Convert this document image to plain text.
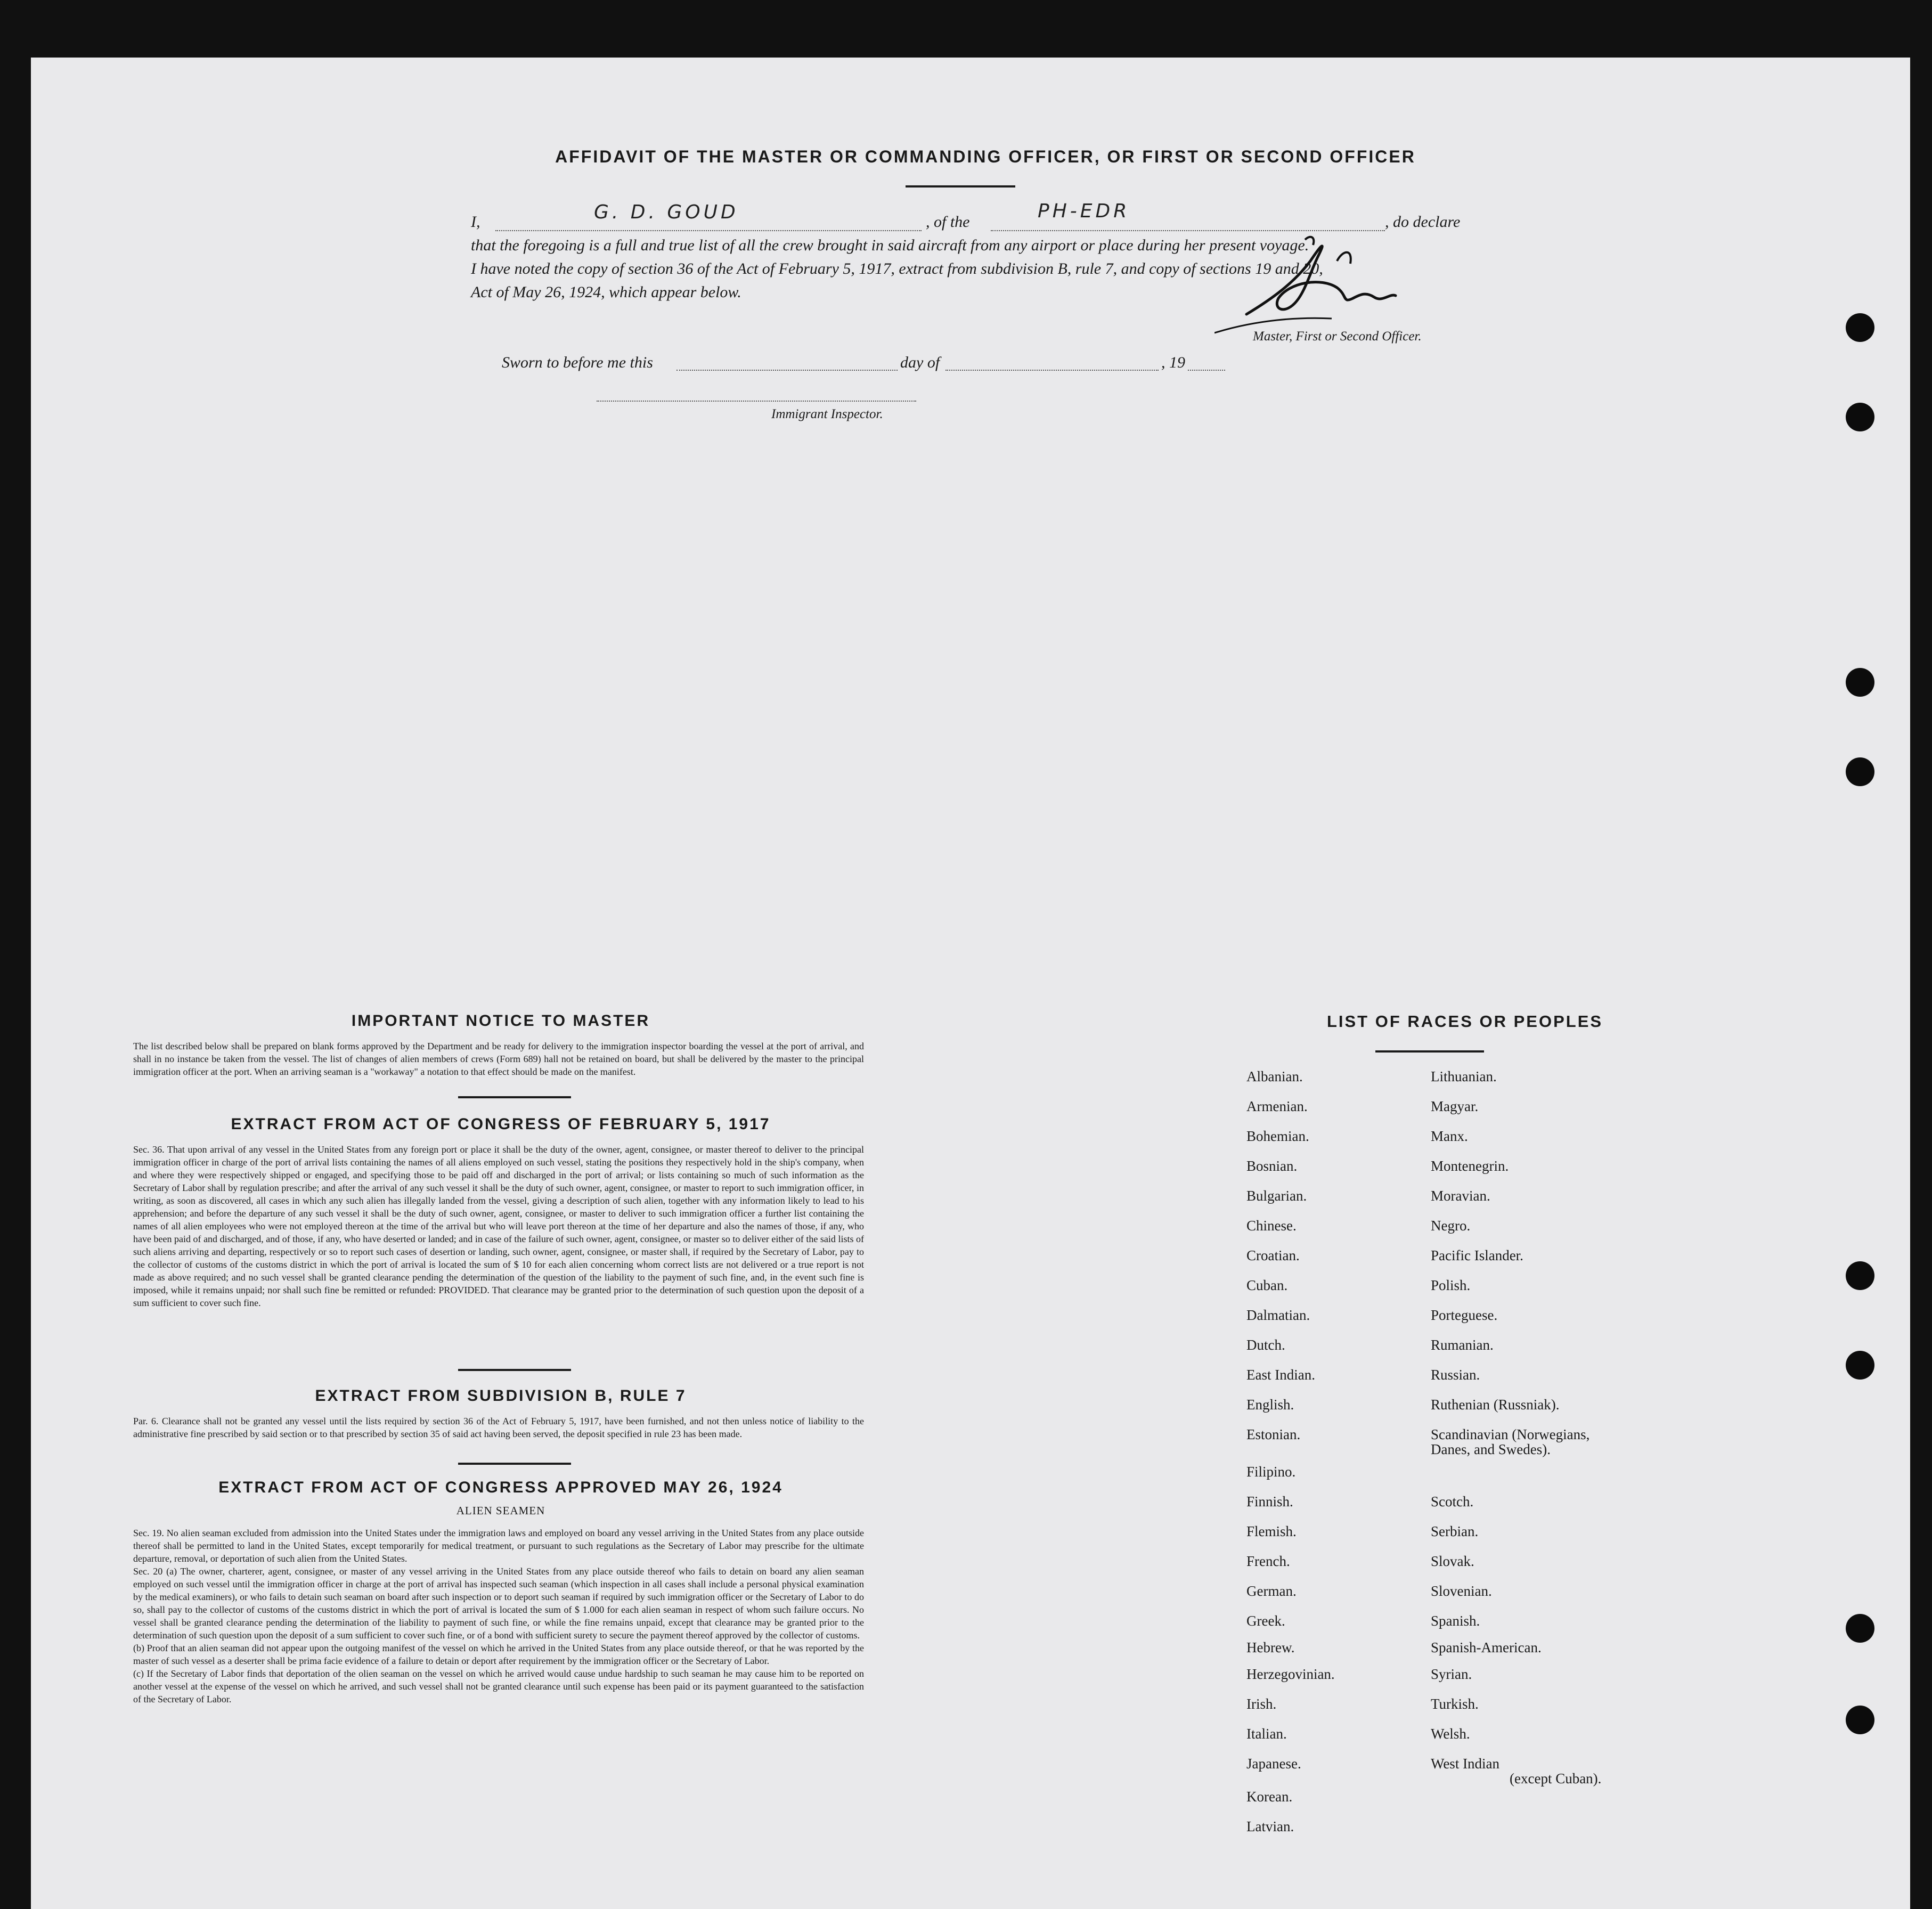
AFFIDAVIT OF THE MASTER OR COMMANDING OFFICER, OR FIRST OR SECOND OFFICER
I,	G. D. GOUD	, of the	PH-EDR	, do declare
that the foregoing is a full and true list of all the crew brought in said aircraft from any airport or place during her present voyage.
I have noted the copy of section 36 of the Act of February 5, 1917, extract from subdivision B, rule 7, and copy of sections 19 and 20,
Act of May 26, 1924, which appear below.
Master, First or Second Officer.
Sworn to before me this	day of	, 19
Immigrant Inspector.
IMPORTANT NOTICE TO MASTER
The list described below shall be prepared on blank forms approved by the Department and be ready for delivery to the immigration inspector boarding the vessel at the port of arrival, and shall in no instance be taken from the vessel. The list of changes of alien members of crews (Form 689) hall not be retained on board, but shall be delivered by the master to the principal immigration officer at the port. When an arriving seaman is a "workaway" a notation to that effect should be made on the manifest.
EXTRACT FROM ACT OF CONGRESS OF FEBRUARY 5, 1917
Sec. 36. That upon arrival of any vessel in the United States from any foreign port or place it shall be the duty of the owner, agent, consignee, or master thereof to deliver to the principal immigration officer in charge of the port of arrival lists containing the names of all aliens employed on such vessel, stating the positions they respectively hold in the ship's company, when and where they were respectively shipped or engaged, and specifying those to be paid off and discharged in the port of arrival; or lists containing so much of such information as the Secretary of Labor shall by regulation prescribe; and after the arrival of any such vessel it shall be the duty of such owner, agent, consignee, or master to report to such immigration officer, in writing, as soon as discovered, all cases in which any such alien has illegally landed from the vessel, giving a description of such alien, together with any information likely to lead to his apprehension; and before the departure of any such vessel it shall be the duty of such owner, agent, consignee, or master to deliver to such immigration officer a further list containing the names of all alien employees who were not employed thereon at the time of the arrival but who will leave port thereon at the time of her departure and also the names of those, if any, who have been paid of and discharged, and of those, if any, who have deserted or landed; and in case of the failure of such owner, agent, consignee, or master so to deliver either of the said lists of such aliens arriving and departing, respectively or so to report such cases of desertion or landing, such owner, agent, consignee, or master shall, if required by the Secretary of Labor, pay to the collector of customs of the customs district in which the port of arrival is located the sum of $ 10 for each alien concerning whom correct lists are not delivered or a true report is not made as above required; and no such vessel shall be granted clearance pending the determination of the question of the liability to the payment of such fine, and, in the event such fine is imposed, while it remains unpaid; nor shall such fine be remitted or refunded: PROVIDED. That clearance may be granted prior to the determination of such question upon the deposit of a sum sufficient to cover such fine.
EXTRACT FROM SUBDIVISION B, RULE 7
Par. 6. Clearance shall not be granted any vessel until the lists required by section 36 of the Act of February 5, 1917, have been furnished, and not then unless notice of liability to the administrative fine prescribed by said section or to that prescribed by section 35 of said act having been served, the deposit specified in rule 23 has been made.
EXTRACT FROM ACT OF CONGRESS APPROVED MAY 26, 1924
ALIEN SEAMEN
Sec. 19. No alien seaman excluded from admission into the United States under the immigration laws and employed on board any vessel arriving in the United States from any place outside thereof shall be permitted to land in the United States, except temporarily for medical treatment, or pursuant to such regulations as the Secretary of Labor may prescribe for the ultimate departure, removal, or deportation of such alien from the United States.
Sec. 20 (a) The owner, charterer, agent, consignee, or master of any vessel arriving in the United States from any place outside thereof who fails to detain on board any alien seaman employed on such vessel until the immigration officer in charge at the port of arrival has inspected such seaman (which inspection in all cases shall include a personal physical examination by the medical examiners), or who fails to detain such seaman on board after such inspection or to deport such seaman if required by such immigration officer or the Secretary of Labor to do so, shall pay to the collector of customs of the customs district in which the port of arrival is located the sum of $ 1.000 for each alien seaman in respect of whom such failure occurs. No vessel shall be granted clearance pending the determination of the liability to payment of such fine, or while the fine remains unpaid, except that clearance may be granted prior to the determination of such question upon the deposit of a sum sufficient to cover such fine, or of a bond with sufficient surety to secure the payment thereof approved by the collector of customs.
(b) Proof that an alien seaman did not appear upon the outgoing manifest of the vessel on which he arrived in the United States from any place outside thereof, or that he was reported by the master of such vessel as a deserter shall be prima facie evidence of a failure to detain or deport after requirement by the immigration officer or the Secretary of Labor.
(c) If the Secretary of Labor finds that deportation of the olien seaman on the vessel on which he arrived would cause undue hardship to such seaman he may cause him to be reported on another vessel at the expense of the vessel on which he arrived, and such vessel shall not be granted clearance until such expense has been paid or its payment guaranteed to the satisfaction of the Secretary of Labor.
LIST OF RACES OR PEOPLES
Albanian.
Armenian.
Bohemian.
Bosnian.
Bulgarian.
Chinese.
Croatian.
Cuban.
Dalmatian.
Dutch.
East Indian.
English.
Estonian.
Filipino.
Finnish.
Flemish.
French.
German.
Greek.
Hebrew.
Herzegovinian.
Irish.
Italian.
Japanese.
Korean.
Latvian.
Lithuanian.
Magyar.
Manx.
Montenegrin.
Moravian.
Negro.
Pacific Islander.
Polish.
Porteguese.
Rumanian.
Russian.
Ruthenian (Russniak).
Scandinavian (Norwegians,
Danes, and Swedes).
Scotch.
Serbian.
Slovak.
Slovenian.
Spanish.
Spanish-American.
Syrian.
Turkish.
Welsh.
West Indian
(except Cuban).
